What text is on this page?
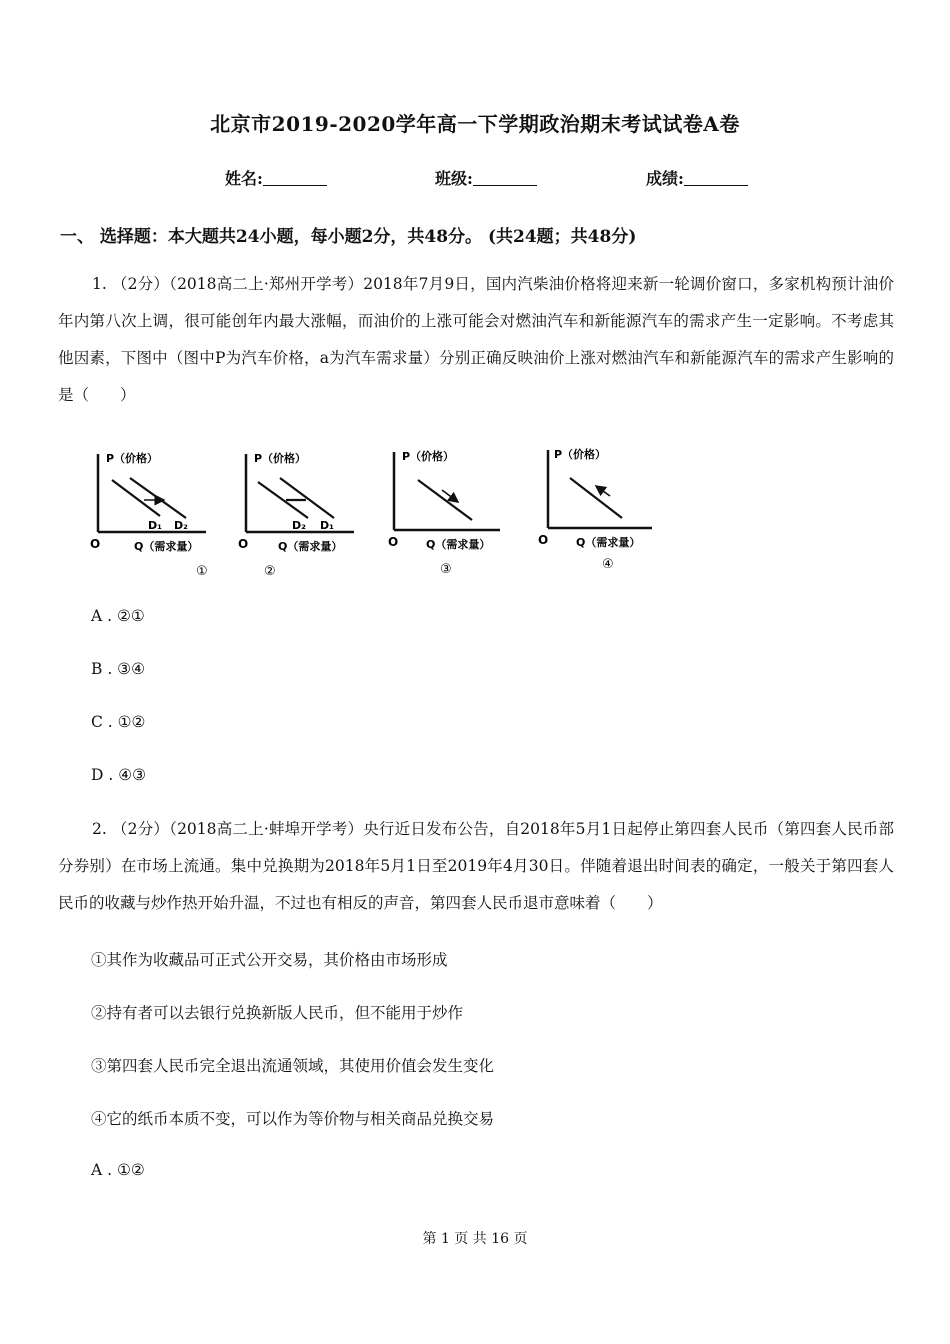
北京市2019-2020学年高一下学期政治期末考试试卷A卷
姓名:	班级:	成绩:
一、 选择题：本大题共24小题，每小题2分，共48分。 (共24题；共48分)
1. （2分）（2018高二上·郑州开学考）2018年7月9日，国内汽柴油价格将迎来新一轮调价窗口，多家机构预计油价年内第八次上调，很可能创年内最大涨幅，而油价的上涨可能会对燃油汽车和新能源汽车的需求产生一定影响。不考虑其他因素，下图中（图中P为汽车价格，a为汽车需求量）分别正确反映油价上涨对燃油汽车和新能源汽车的需求产生影响的是（　　）
P（价格）
O	Q（需求量）
D₁ D₂
①
P（价格）
O	Q（需求量）
D₂ D₁
②
P（价格）
O	Q（需求量）
③
P（价格）
O	Q（需求量）
④
A . ②①
B . ③④
C . ①②
D . ④③
2. （2分）（2018高二上·蚌埠开学考）央行近日发布公告，自2018年5月1日起停止第四套人民币（第四套人民币部分券别）在市场上流通。集中兑换期为2018年5月1日至2019年4月30日。伴随着退出时间表的确定，一般关于第四套人民币的收藏与炒作热开始升温，不过也有相反的声音，第四套人民币退市意味着（　　）
①其作为收藏品可正式公开交易，其价格由市场形成
②持有者可以去银行兑换新版人民币，但不能用于炒作
③第四套人民币完全退出流通领域，其使用价值会发生变化
④它的纸币本质不变，可以作为等价物与相关商品兑换交易
A . ①②
第 1 页 共 16 页
